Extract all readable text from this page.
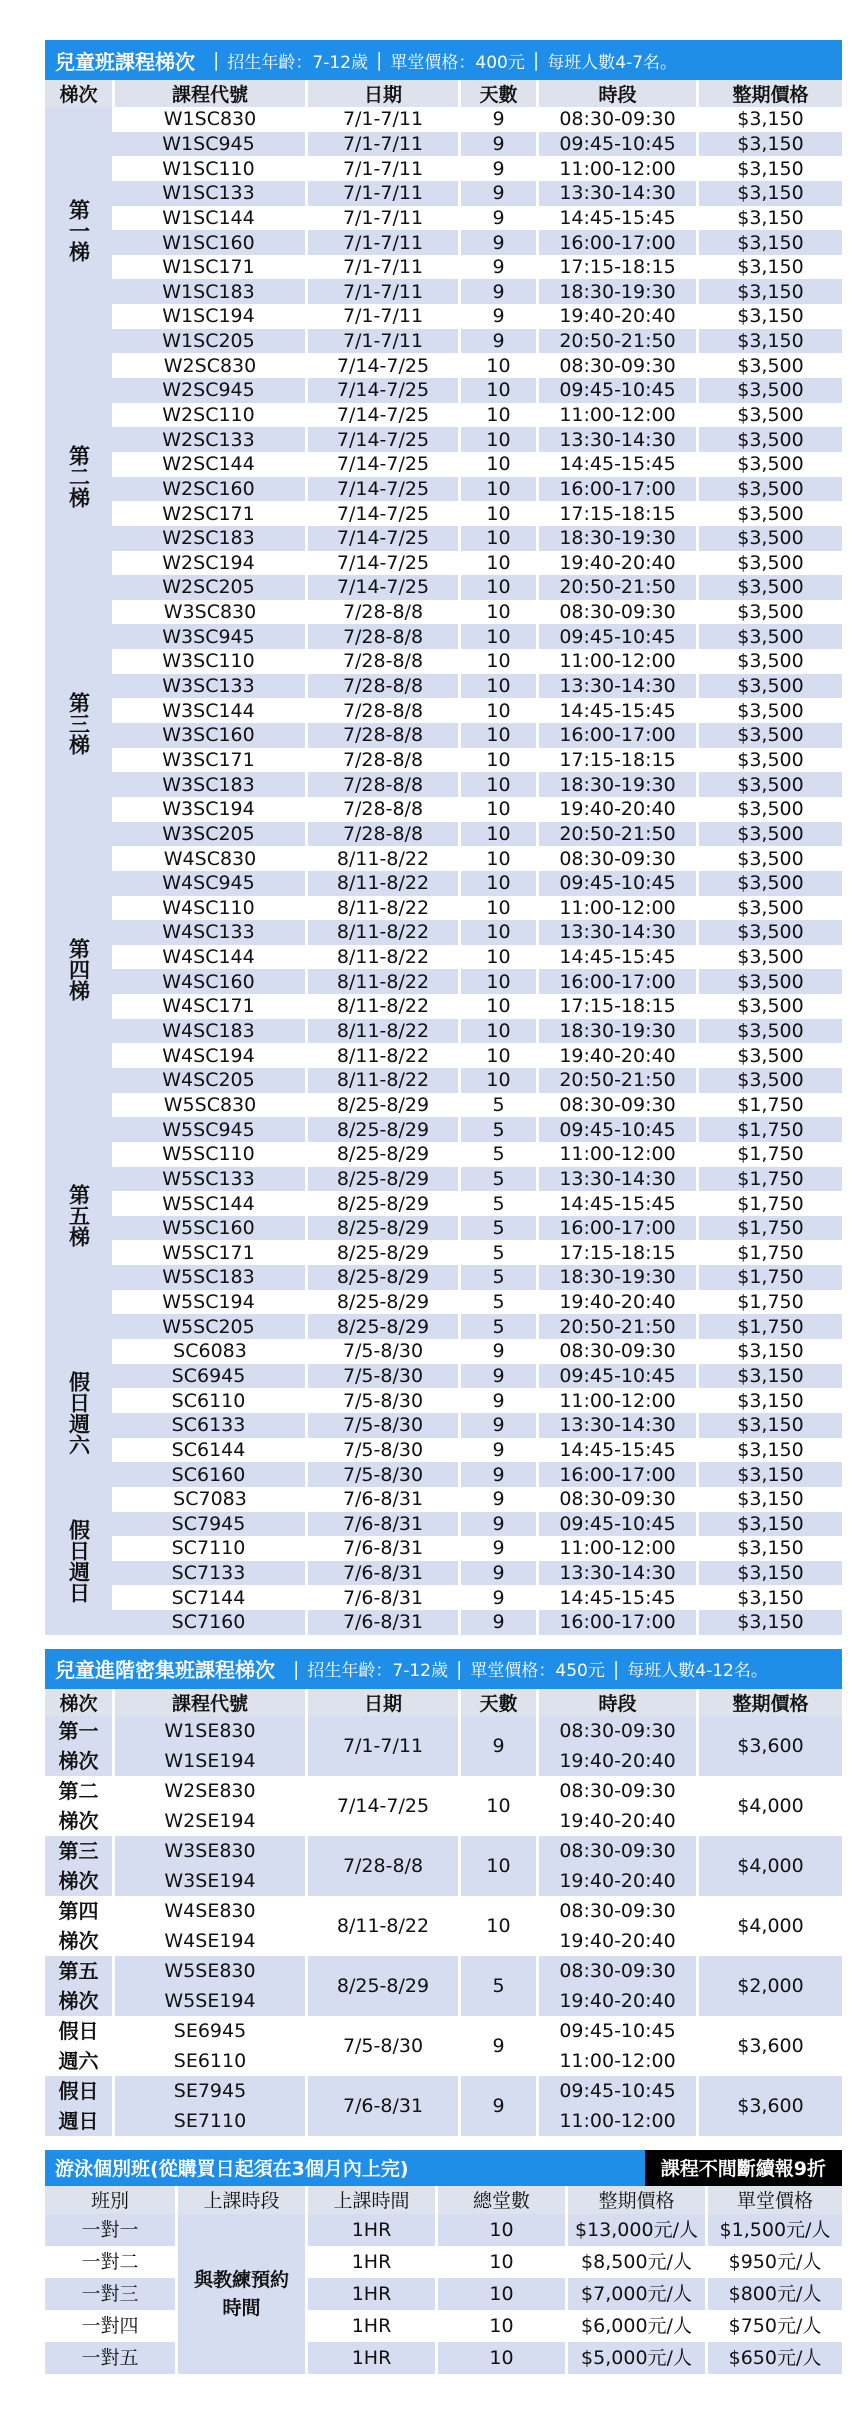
兒童班課程梯次 | 招生年齡：7-12歲 | 單堂價格：400元 | 每班人數4-7名。
梯次	課程代號	日期	天數	時段	整期價格
第一梯	W1SC830	7/1-7/11	9	08:30-09:30	$3,150
	W1SC945	7/1-7/11	9	09:45-10:45	$3,150
	W1SC110	7/1-7/11	9	11:00-12:00	$3,150
	W1SC133	7/1-7/11	9	13:30-14:30	$3,150
	W1SC144	7/1-7/11	9	14:45-15:45	$3,150
	W1SC160	7/1-7/11	9	16:00-17:00	$3,150
	W1SC171	7/1-7/11	9	17:15-18:15	$3,150
	W1SC183	7/1-7/11	9	18:30-19:30	$3,150
	W1SC194	7/1-7/11	9	19:40-20:40	$3,150
	W1SC205	7/1-7/11	9	20:50-21:50	$3,150
第二梯	W2SC830	7/14-7/25	10	08:30-09:30	$3,500
	W2SC945	7/14-7/25	10	09:45-10:45	$3,500
	W2SC110	7/14-7/25	10	11:00-12:00	$3,500
	W2SC133	7/14-7/25	10	13:30-14:30	$3,500
	W2SC144	7/14-7/25	10	14:45-15:45	$3,500
	W2SC160	7/14-7/25	10	16:00-17:00	$3,500
	W2SC171	7/14-7/25	10	17:15-18:15	$3,500
	W2SC183	7/14-7/25	10	18:30-19:30	$3,500
	W2SC194	7/14-7/25	10	19:40-20:40	$3,500
	W2SC205	7/14-7/25	10	20:50-21:50	$3,500
第三梯	W3SC830	7/28-8/8	10	08:30-09:30	$3,500
	W3SC945	7/28-8/8	10	09:45-10:45	$3,500
	W3SC110	7/28-8/8	10	11:00-12:00	$3,500
	W3SC133	7/28-8/8	10	13:30-14:30	$3,500
	W3SC144	7/28-8/8	10	14:45-15:45	$3,500
	W3SC160	7/28-8/8	10	16:00-17:00	$3,500
	W3SC171	7/28-8/8	10	17:15-18:15	$3,500
	W3SC183	7/28-8/8	10	18:30-19:30	$3,500
	W3SC194	7/28-8/8	10	19:40-20:40	$3,500
	W3SC205	7/28-8/8	10	20:50-21:50	$3,500
第四梯	W4SC830	8/11-8/22	10	08:30-09:30	$3,500
	W4SC945	8/11-8/22	10	09:45-10:45	$3,500
	W4SC110	8/11-8/22	10	11:00-12:00	$3,500
	W4SC133	8/11-8/22	10	13:30-14:30	$3,500
	W4SC144	8/11-8/22	10	14:45-15:45	$3,500
	W4SC160	8/11-8/22	10	16:00-17:00	$3,500
	W4SC171	8/11-8/22	10	17:15-18:15	$3,500
	W4SC183	8/11-8/22	10	18:30-19:30	$3,500
	W4SC194	8/11-8/22	10	19:40-20:40	$3,500
	W4SC205	8/11-8/22	10	20:50-21:50	$3,500
第五梯	W5SC830	8/25-8/29	5	08:30-09:30	$1,750
	W5SC945	8/25-8/29	5	09:45-10:45	$1,750
	W5SC110	8/25-8/29	5	11:00-12:00	$1,750
	W5SC133	8/25-8/29	5	13:30-14:30	$1,750
	W5SC144	8/25-8/29	5	14:45-15:45	$1,750
	W5SC160	8/25-8/29	5	16:00-17:00	$1,750
	W5SC171	8/25-8/29	5	17:15-18:15	$1,750
	W5SC183	8/25-8/29	5	18:30-19:30	$1,750
	W5SC194	8/25-8/29	5	19:40-20:40	$1,750
	W5SC205	8/25-8/29	5	20:50-21:50	$1,750
假日週六	SC6083	7/5-8/30	9	08:30-09:30	$3,150
	SC6945	7/5-8/30	9	09:45-10:45	$3,150
	SC6110	7/5-8/30	9	11:00-12:00	$3,150
	SC6133	7/5-8/30	9	13:30-14:30	$3,150
	SC6144	7/5-8/30	9	14:45-15:45	$3,150
	SC6160	7/5-8/30	9	16:00-17:00	$3,150
假日週日	SC7083	7/6-8/31	9	08:30-09:30	$3,150
	SC7945	7/6-8/31	9	09:45-10:45	$3,150
	SC7110	7/6-8/31	9	11:00-12:00	$3,150
	SC7133	7/6-8/31	9	13:30-14:30	$3,150
	SC7144	7/6-8/31	9	14:45-15:45	$3,150
	SC7160	7/6-8/31	9	16:00-17:00	$3,150
兒童進階密集班課程梯次 | 招生年齡：7-12歲 | 單堂價格：450元 | 每班人數4-12名。
梯次	課程代號	日期	天數	時段	整期價格
第一	W1SE830	7/1-7/11	9	08:30-09:30	$3,600
梯次	W1SE194			19:40-20:40	
第二	W2SE830	7/14-7/25	10	08:30-09:30	$4,000
梯次	W2SE194			19:40-20:40	
第三	W3SE830	7/28-8/8	10	08:30-09:30	$4,000
梯次	W3SE194			19:40-20:40	
第四	W4SE830	8/11-8/22	10	08:30-09:30	$4,000
梯次	W4SE194			19:40-20:40	
第五	W5SE830	8/25-8/29	5	08:30-09:30	$2,000
梯次	W5SE194			19:40-20:40	
假日	SE6945	7/5-8/30	9	09:45-10:45	$3,600
週六	SE6110			11:00-12:00	
假日	SE7945	7/6-8/31	9	09:45-10:45	$3,600
週日	SE7110			11:00-12:00	
游泳個別班(從購買日起須在3個月內上完)	課程不間斷續報9折
班別	上課時段	上課時間	總堂數	整期價格	單堂價格
一對一	與教練預約時間	1HR	10	$13,000元/人	$1,500元/人
一對二		1HR	10	$8,500元/人	$950元/人
一對三		1HR	10	$7,000元/人	$800元/人
一對四		1HR	10	$6,000元/人	$750元/人
一對五		1HR	10	$5,000元/人	$650元/人
